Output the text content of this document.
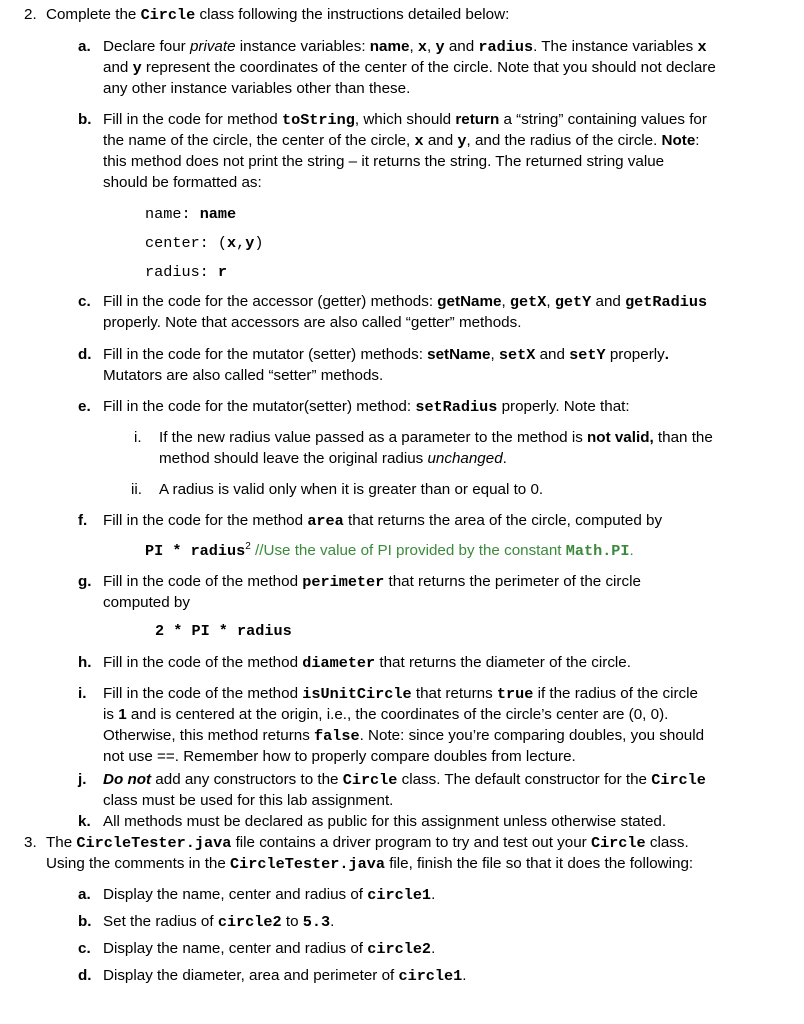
2. Complete the Circle class following the instructions detailed below:
a. Declare four private instance variables: name, x, y and radius. The instance variables x
and y represent the coordinates of the center of the circle. Note that you should not declare
any other instance variables other than these.
b. Fill in the code for method toString, which should return a “string” containing values for
the name of the circle, the center of the circle, x and y, and the radius of the circle. Note:
this method does not print the string – it returns the string. The returned string value
should be formatted as:
name: name
center: (x,y)
radius: r
c. Fill in the code for the accessor (getter) methods: getName, getX, getY and getRadius
properly. Note that accessors are also called “getter” methods.
d. Fill in the code for the mutator (setter) methods: setName, setX and setY properly.
Mutators are also called “setter” methods.
e. Fill in the code for the mutator(setter) method: setRadius properly. Note that:
i. If the new radius value passed as a parameter to the method is not valid, than the
method should leave the original radius unchanged.
ii. A radius is valid only when it is greater than or equal to 0.
f. Fill in the code for the method area that returns the area of the circle, computed by
PI * radius$^2$ //Use the value of PI provided by the constant Math.PI.
g. Fill in the code of the method perimeter that returns the perimeter of the circle
computed by
2 * PI * radius
h. Fill in the code of the method diameter that returns the diameter of the circle.
i. Fill in the code of the method isUnitCircle that returns true if the radius of the circle
is 1 and is centered at the origin, i.e., the coordinates of the circle’s center are (0, 0).
Otherwise, this method returns false. Note: since you’re comparing doubles, you should
not use ==. Remember how to properly compare doubles from lecture.
j. Do not add any constructors to the Circle class. The default constructor for the Circle
class must be used for this lab assignment.
k. All methods must be declared as public for this assignment unless otherwise stated.
3. The CircleTester.java file contains a driver program to try and test out your Circle class.
Using the comments in the CircleTester.java file, finish the file so that it does the following:
a. Display the name, center and radius of circle1.
b. Set the radius of circle2 to 5.3.
c. Display the name, center and radius of circle2.
d. Display the diameter, area and perimeter of circle1.
